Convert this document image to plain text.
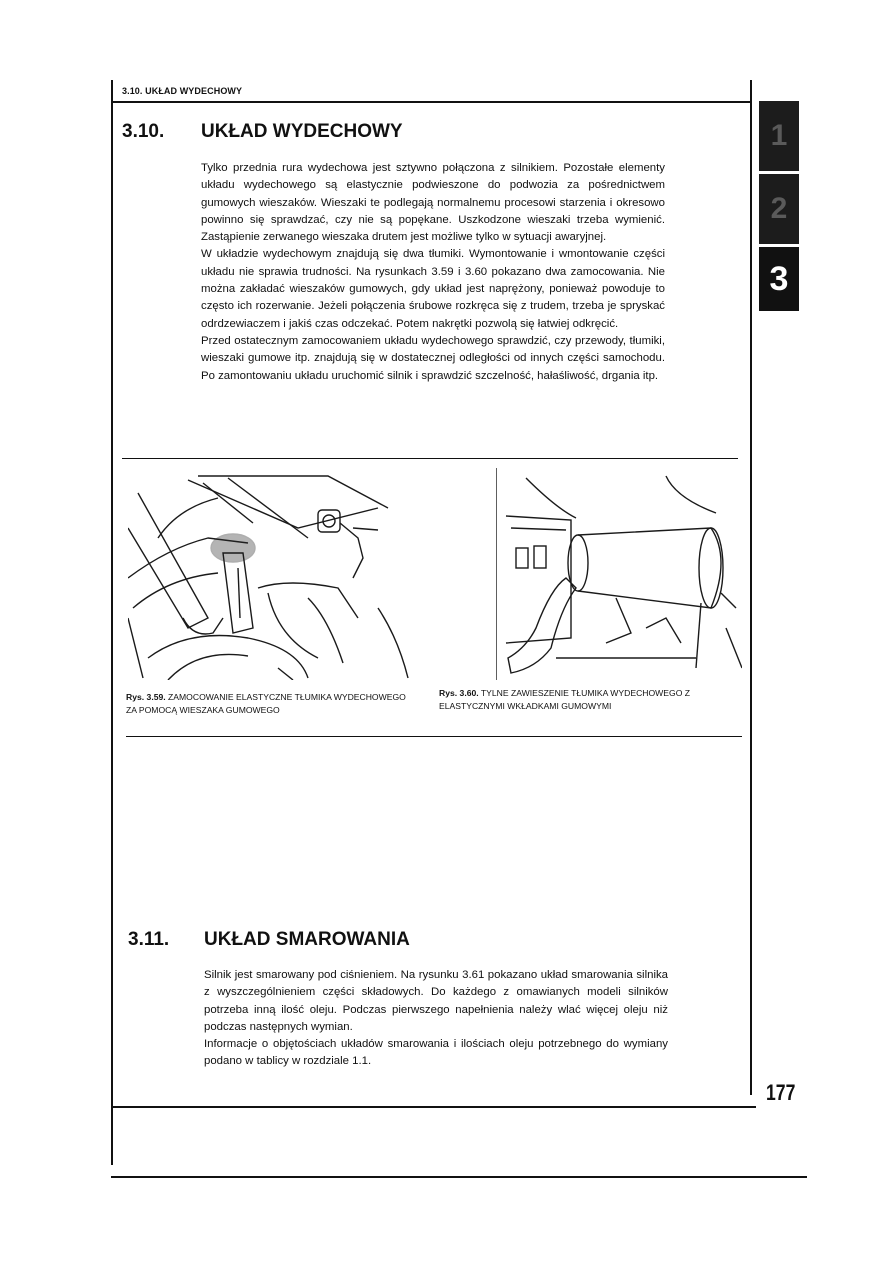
3.10. UKŁAD WYDECHOWY
3.10. UKŁAD WYDECHOWY

Tylko przednia rura wydechowa jest sztywno połączona z silnikiem. Pozostałe elementy układu wydechowego są elastycznie podwieszone do podwozia za pośrednictwem gumowych wieszaków. Wieszaki te podlegają normalnemu procesowi starzenia i okresowo powinno się sprawdzać, czy nie są popękane. Uszkodzone wieszaki trzeba wymienić. Zastąpienie zerwanego wieszaka drutem jest możliwe tylko w sytuacji awaryjnej.

W układzie wydechowym znajdują się dwa tłumiki. Wymontowanie i wmontowanie części układu nie sprawia trudności. Na rysunkach 3.59 i 3.60 pokazano dwa zamocowania. Nie można zakładać wieszaków gumowych, gdy układ jest naprężony, ponieważ powoduje to często ich rozerwanie. Jeżeli połączenia śrubowe rozkręca się z trudem, trzeba je spryskać odrdzewiaczem i jakiś czas odczekać. Potem nakrętki pozwolą się łatwiej odkręcić.

Przed ostatecznym zamocowaniem układu wydechowego sprawdzić, czy przewody, tłumiki, wieszaki gumowe itp. znajdują się w dostatecznej odległości od innych części samochodu. Po zamontowaniu układu uruchomić silnik i sprawdzić szczelność, hałaśliwość, drgania itp.

Rys. 3.59. ZAMOCOWANIE ELASTYCZNE TŁUMIKA WYDECHOWEGO ZA POMOCĄ WIESZAKA GUMOWEGO
Rys. 3.60. TYLNE ZAWIESZENIE TŁUMIKA WYDECHOWEGO Z ELASTYCZNYMI WKŁADKAMI GUMOWYMI
3.11. UKŁAD SMAROWANIA

Silnik jest smarowany pod ciśnieniem. Na rysunku 3.61 pokazano układ smarowania silnika z wyszczególnieniem części składowych. Do każdego z omawianych modeli silników potrzeba inną ilość oleju. Podczas pierwszego napełnienia należy wlać więcej oleju niż podczas następnych wymian.

Informacje o objętościach układów smarowania i ilościach oleju potrzebnego do wymiany podano w tablicy w rozdziale 1.1.

1
2
3
177
